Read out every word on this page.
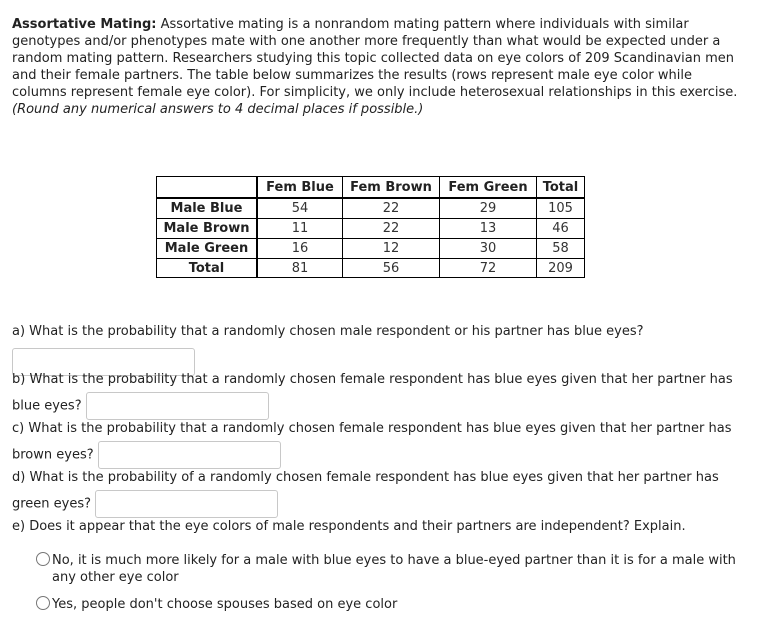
Assortative Mating: Assortative mating is a nonrandom mating pattern where individuals with similar genotypes and/or phenotypes mate with one another more frequently than what would be expected under a random mating pattern. Researchers studying this topic collected data on eye colors of 209 Scandinavian men and their female partners. The table below summarizes the results (rows represent male eye color while columns represent female eye color). For simplicity, we only include heterosexual relationships in this exercise.
(Round any numerical answers to 4 decimal places if possible.)
	Fem Blue	Fem Brown	Fem Green	Total
Male Blue	54	22	29	105
Male Brown	11	22	13	46
Male Green	16	12	30	58
Total	81	56	72	209
a) What is the probability that a randomly chosen male respondent or his partner has blue eyes?
b) What is the probability that a randomly chosen female respondent has blue eyes given that her partner has blue eyes?
c) What is the probability that a randomly chosen female respondent has blue eyes given that her partner has brown eyes?
d) What is the probability of a randomly chosen female respondent has blue eyes given that her partner has green eyes?
e) Does it appear that the eye colors of male respondents and their partners are independent? Explain.
No, it is much more likely for a male with blue eyes to have a blue-eyed partner than it is for a male with any other eye color
Yes, people don't choose spouses based on eye color
